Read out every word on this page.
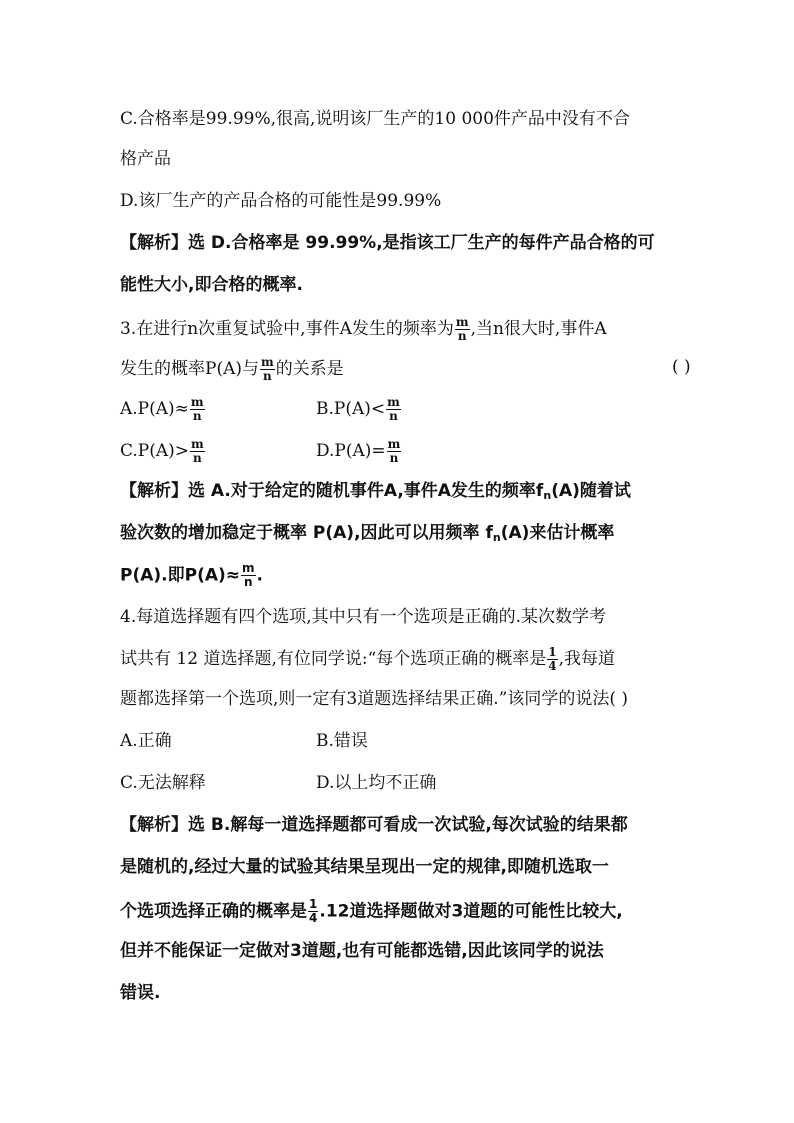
C.合格率是99.99%,很高,说明该厂生产的10 000件产品中没有不合
格产品
D.该厂生产的产品合格的可能性是99.99%
【解析】选 D.合格率是 99.99%,是指该工厂生产的每件产品合格的可
能性大小,即合格的概率.
3.在进行n次重复试验中,事件A发生的频率为 $\frac{m}{n}$ ,当n很大时,事件A
发生的概率P(A)与 $\frac{m}{n}$ 的关系是	( )
$A.P(A)\approx \frac{m}{n}$	$B.P(A)< \frac{m}{n}$
$C.P(A)> \frac{m}{n}$	$D.P(A)= \frac{m}{n}$
【解析】选 A.对于给定的随机事件A,事件A发生的频率$f_n(A)$随着试
验次数的增加稳定于概率 P(A),因此可以用频率 $f_n(A)$来估计概率
P(A).即$P(A)\approx \frac{m}{n}$ .
4.每道选择题有四个选项,其中只有一个选项是正确的.某次数学考
试共有 12 道选择题,有位同学说:“每个选项正确的概率是 $\frac{1}{4}$ ,我每道
题都选择第一个选项,则一定有3道题选择结果正确.”该同学的说法( )
A.正确	B.错误
C.无法解释	D.以上均不正确
【解析】选 B.解每一道选择题都可看成一次试验,每次试验的结果都
是随机的,经过大量的试验其结果呈现出一定的规律,即随机选取一
个选项选择正确的概率是 $\frac{1}{4} .12$道选择题做对3道题的可能性比较大,
但并不能保证一定做对3道题,也有可能都选错,因此该同学的说法
错误.
